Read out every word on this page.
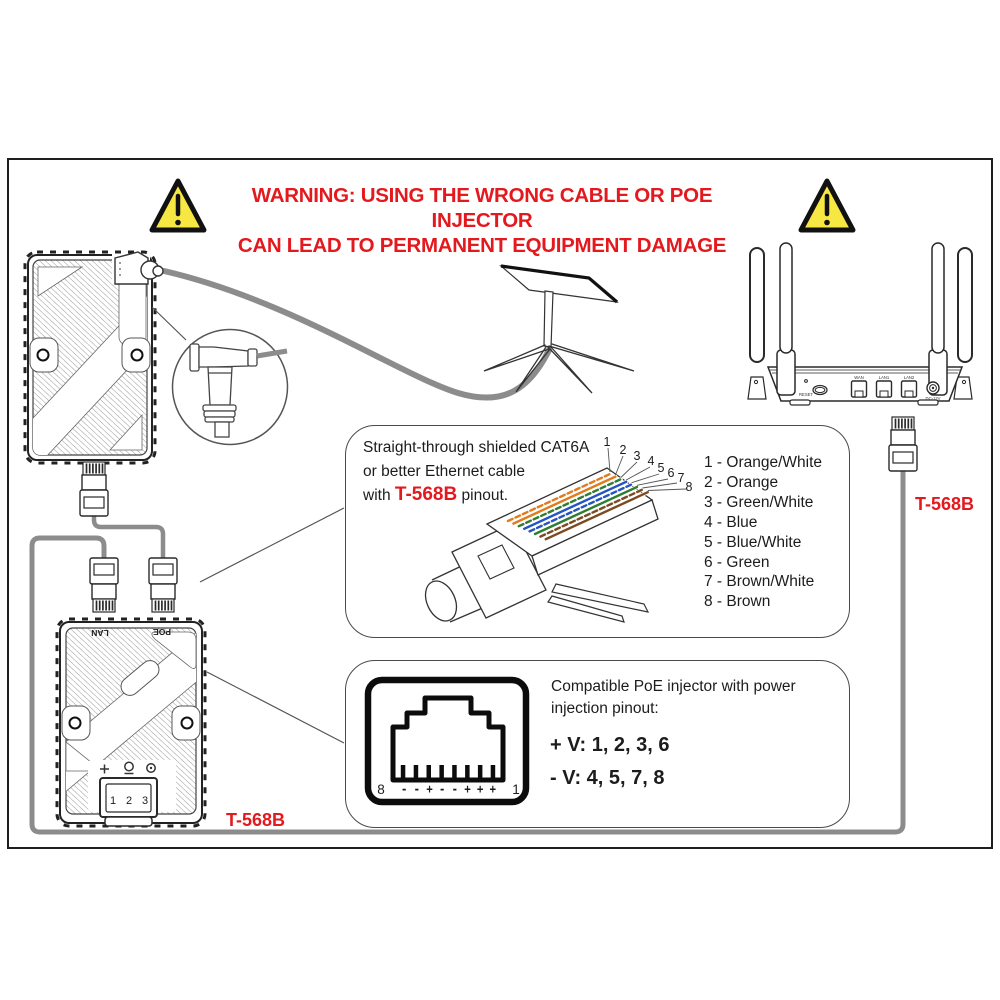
RESET
WAN	LAN1	LAN2
DC-12V
LAN	POE
1 2 3
1
2 3 4 5 6 7
8
8	1
- - + - - + + +
WARNING: USING THE WRONG CABLE OR POE INJECTOR
CAN LEAD TO PERMANENT EQUIPMENT DAMAGE
Straight-through shielded CAT6A
or better Ethernet cable
with T-568B pinout.
1 - Orange/White
2 - Orange
3 - Green/White
4 - Blue
5 - Blue/White
6 - Green
7 - Brown/White
8 - Brown
Compatible PoE injector with power
injection pinout:
+ V: 1, 2, 3, 6
- V: 4, 5, 7, 8
T-568B
T-568B
